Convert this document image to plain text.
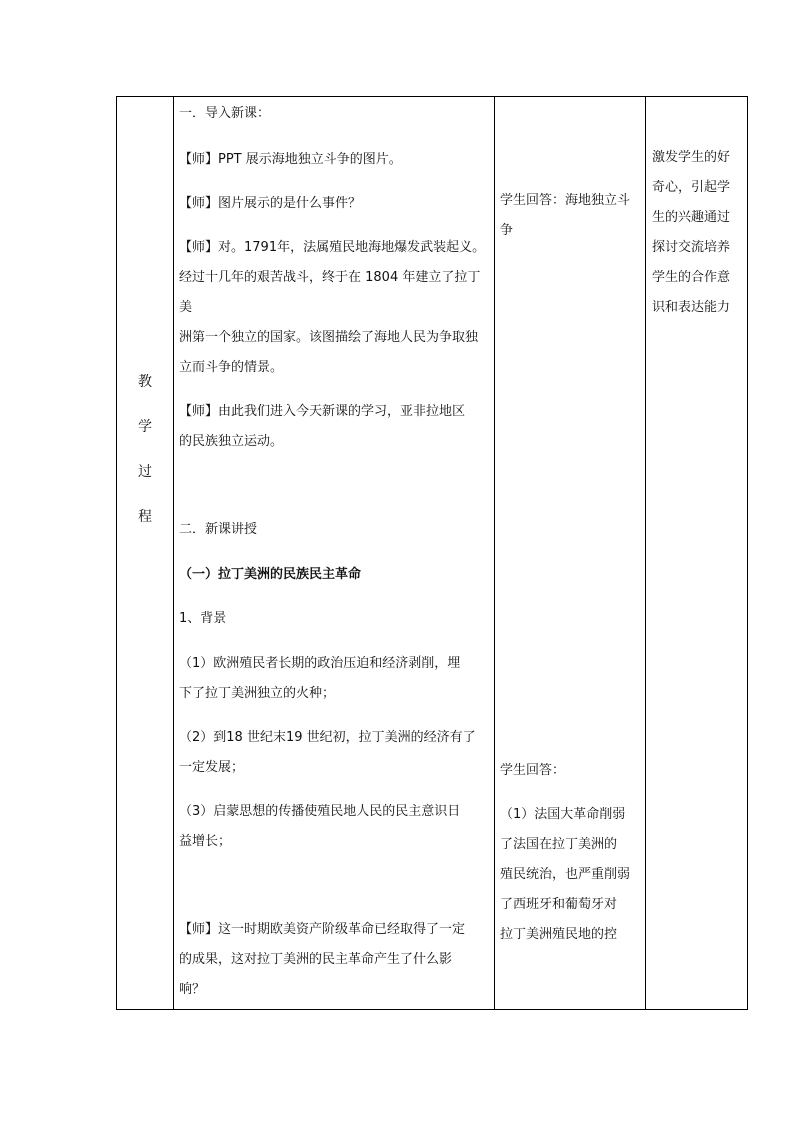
教
学
过
程

一．导入新课：

【师】PPT 展示海地独立斗争的图片。

【师】图片展示的是什么事件？

【师】对。1791年，法属殖民地海地爆发武装起义。

经过十几年的艰苦战斗，终于在 1804 年建立了拉丁美

洲第一个独立的国家。该图描绘了海地人民为争取独

立而斗争的情景。

【师】由此我们进入今天新课的学习，亚非拉地区

的民族独立运动。

二．新课讲授

（一）拉丁美洲的民族民主革命

1、背景

（1）欧洲殖民者长期的政治压迫和经济剥削，埋

下了拉丁美洲独立的火种；

（2）到18 世纪末19 世纪初，拉丁美洲的经济有了

一定发展；

（3）启蒙思想的传播使殖民地人民的民主意识日

益增长；

【师】这一时期欧美资产阶级革命已经取得了一定

的成果，这对拉丁美洲的民主革命产生了什么影

响？

学生回答：海地独立斗

争

学生回答：

（1）法国大革命削弱

了法国在拉丁美洲的

殖民统治，也严重削弱

了西班牙和葡萄牙对

拉丁美洲殖民地的控

激发学生的好

奇心，引起学

生的兴趣通过

探讨交流培养

学生的合作意

识和表达能力
